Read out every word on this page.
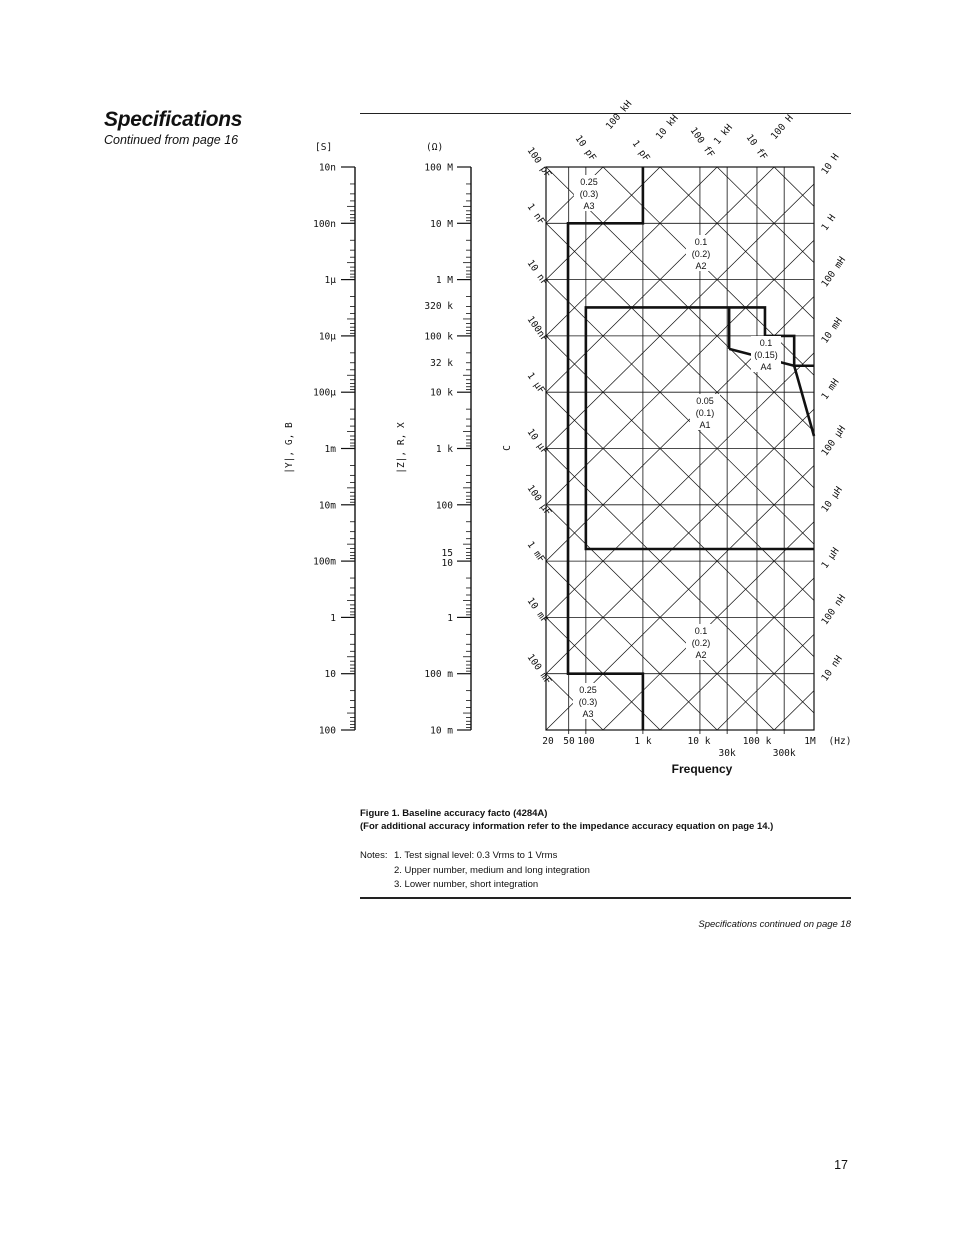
Specifications
Continued from page 16
[S]
10n
100n
1μ
10μ
100μ
1m
10m
100m
1
10
100
|Y|, G, B
(Ω)
100 M
10 M
1 M
100 k
10 k
1 k
100
1
100 m
10 m
15
10
320 k
32 k
|Z|, R, X	C
0.25
(0.3)
A3
0.1
(0.2)
A2
0.1
(0.15)
A4
0.05
(0.1)
A1
0.1
(0.2)
A2
0.25
(0.3)
A3
100 pF
1 nF
10 nF
100nF
1 μF
10 μF
100 μF
1 mF
10 mF
100 mF
10 pF
100 kH
1 pF
10 kH 100 fF
1 kH 10 fF
100 H
10 H
1 H
100 mH
10 mH
1 mH
100 μH
10 μH
1 μH
100 nH
10 nH
20 50 100	1 k	10 k	100 k	1M
30k	300k
(Hz)
Frequency
Figure 1. Baseline accuracy facto (4284A)
(For additional accuracy information refer to the impedance accuracy equation on page 14.)
Notes: 1. Test signal level: 0.3 Vrms to 1 Vrms
2. Upper number, medium and long integration
3. Lower number, short integration
Specifications continued on page 18
17
